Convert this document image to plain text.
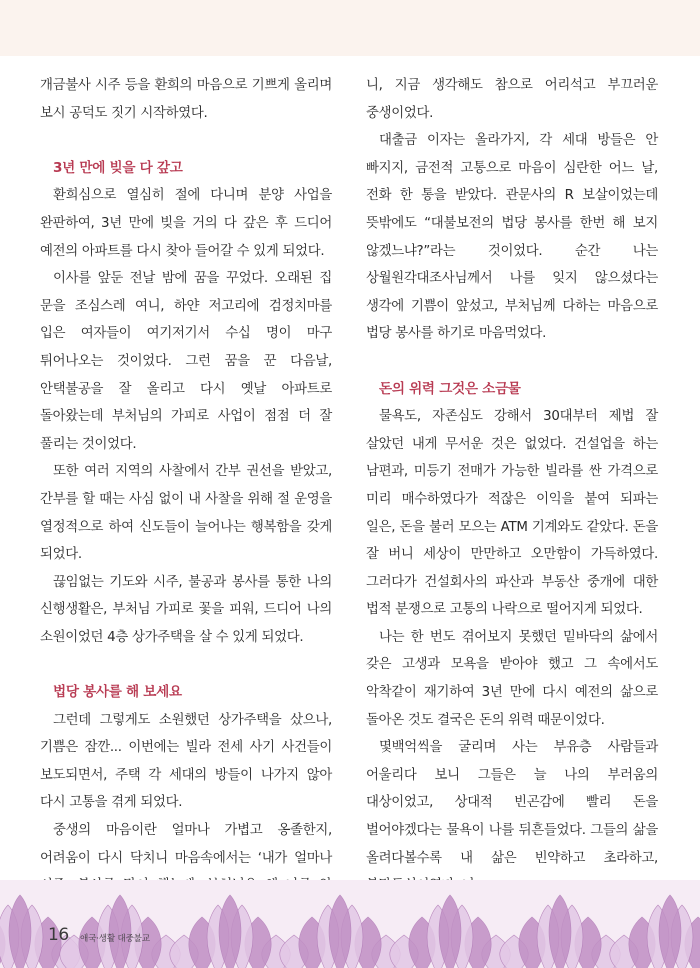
개금불사 시주 등을 환희의 마음으로 기쁘게 올리며 보시 공덕도 짓기 시작하였다.

3년 만에 빚을 다 갚고

환희심으로 열심히 절에 다니며 분양 사업을 완판하여, 3년 만에 빚을 거의 다 갚은 후 드디어 예전의 아파트를 다시 찾아 들어갈 수 있게 되었다.

이사를 앞둔 전날 밤에 꿈을 꾸었다. 오래된 집 문을 조심스레 여니, 하얀 저고리에 검정치마를 입은 여자들이 여기저기서 수십 명이 마구 튀어나오는 것이었다. 그런 꿈을 꾼 다음날, 안택불공을 잘 올리고 다시 옛날 아파트로 돌아왔는데 부처님의 가피로 사업이 점점 더 잘 풀리는 것이었다.

또한 여러 지역의 사찰에서 간부 권선을 받았고, 간부를 할 때는 사심 없이 내 사찰을 위해 절 운영을 열정적으로 하여 신도들이 늘어나는 행복함을 갖게 되었다.

끊임없는 기도와 시주, 불공과 봉사를 통한 나의 신행생활은, 부처님 가피로 꽃을 피워, 드디어 나의 소원이었던 4층 상가주택을 살 수 있게 되었다.

법당 봉사를 해 보세요

그런데 그렇게도 소원했던 상가주택을 샀으나, 기쁨은 잠깐... 이번에는 빌라 전세 사기 사건들이 보도되면서, 주택 각 세대의 방들이 나가지 않아 다시 고통을 겪게 되었다.

중생의 마음이란 얼마나 가볍고 옹졸한지, 어려움이 다시 닥치니 마음속에서는 ‘내가 얼마나

니, 지금 생각해도 참으로 어리석고 부끄러운 중생이었다.

대출금 이자는 올라가지, 각 세대 방들은 안 빠지지, 금전적 고통으로 마음이 심란한 어느 날, 전화 한 통을 받았다. 관문사의 R 보살이었는데 뜻밖에도 “대불보전의 법당 봉사를 한번 해 보지 않겠느냐?”라는 것이었다. 순간 나는 상월원각대조사님께서 나를 잊지 않으셨다는 생각에 기쁨이 앞섰고, 부처님께 다하는 마음으로 법당 봉사를 하기로 마음먹었다.

돈의 위력 그것은 소금물

물욕도, 자존심도 강해서 30대부터 제법 잘 살았던 내게 무서운 것은 없었다. 건설업을 하는 남편과, 미등기 전매가 가능한 빌라를 싼 가격으로 미리 매수하였다가 적잖은 이익을 붙여 되파는 일은, 돈을 불러 모으는 ATM 기계와도 같았다. 돈을 잘 버니 세상이 만만하고 오만함이 가득하였다. 그러다가 건설회사의 파산과 부동산 중개에 대한 법적 분쟁으로 고통의 나락으로 떨어지게 되었다.

나는 한 번도 겪어보지 못했던 밑바닥의 삶에서 갖은 고생과 모욕을 받아야 했고 그 속에서도 악착같이 재기하여 3년 만에 다시 예전의 삶으로 돌아온 것도 결국은 돈의 위력 때문이었다.

몇백억씩을 굴리며 사는 부유층 사람들과 어울리다 보니 그들은 늘 나의 부러움의 대상이었고, 상대적 빈곤감에 빨리 돈을 벌어야겠다는 물욕이 나를 뒤흔들었다. 그들의 삶을 올려다볼수록 내 삶은 빈약하고 초라하고,

16 애국·생활 대중불교
